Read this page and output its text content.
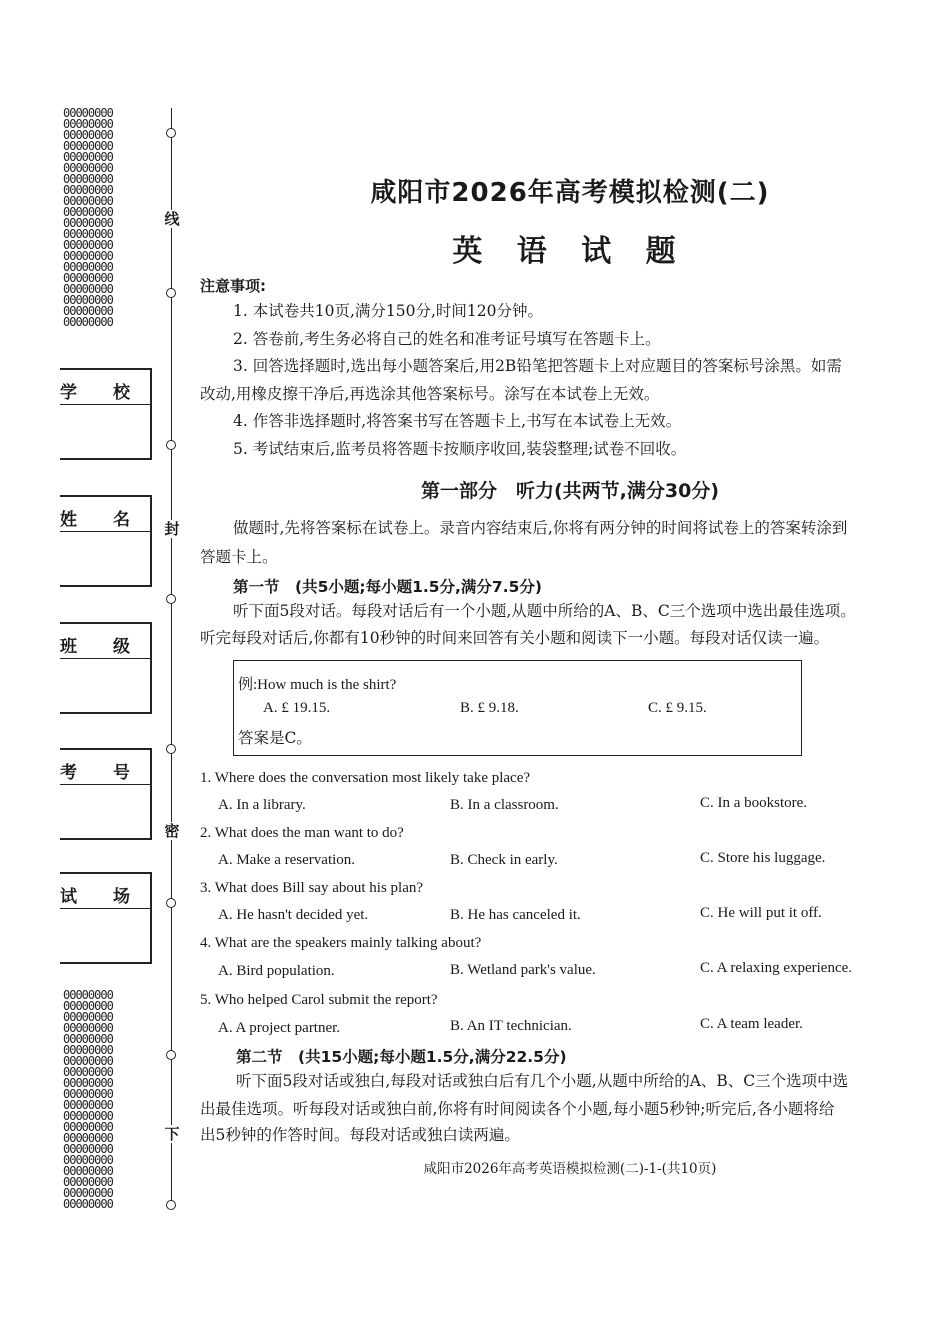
00000000
00000000
00000000
00000000
00000000
00000000
00000000
00000000
00000000
00000000
00000000
00000000
00000000
00000000
00000000
00000000
00000000
00000000
00000000
00000000
00000000
00000000
00000000
00000000
00000000
00000000
00000000
00000000
00000000
00000000
00000000
00000000
00000000
00000000
00000000
00000000
00000000
00000000
00000000
00000000
线
封
密
下
学校
姓名
班级
考号
试场
咸阳市2026年高考模拟检测(二)
英 语 试 题
注意事项:
1. 本试卷共10页,满分150分,时间120分钟。
2. 答卷前,考生务必将自己的姓名和准考证号填写在答题卡上。
3. 回答选择题时,选出每小题答案后,用2B铅笔把答题卡上对应题目的答案标号涂黑。如需
改动,用橡皮擦干净后,再选涂其他答案标号。涂写在本试卷上无效。
4. 作答非选择题时,将答案书写在答题卡上,书写在本试卷上无效。
5. 考试结束后,监考员将答题卡按顺序收回,装袋整理;试卷不回收。
第一部分　听力(共两节,满分30分)
做题时,先将答案标在试卷上。录音内容结束后,你将有两分钟的时间将试卷上的答案转涂到
答题卡上。
第一节　(共5小题;每小题1.5分,满分7.5分)
听下面5段对话。每段对话后有一个小题,从题中所给的A、B、C三个选项中选出最佳选项。
听完每段对话后,你都有10秒钟的时间来回答有关小题和阅读下一小题。每段对话仅读一遍。
例:How much is the shirt?
A. £ 19.15.	B. £ 9.18.	C. £ 9.15.
答案是C。
1. Where does the conversation most likely take place?
A. In a library.	B. In a classroom.	C. In a bookstore.
2. What does the man want to do?
A. Make a reservation.	B. Check in early.	C. Store his luggage.
3. What does Bill say about his plan?
A. He hasn't decided yet.	B. He has canceled it.	C. He will put it off.
4. What are the speakers mainly talking about?
A. Bird population.	B. Wetland park's value.	C. A relaxing experience.
5. Who helped Carol submit the report?
A. A project partner.	B. An IT technician.	C. A team leader.
第二节　(共15小题;每小题1.5分,满分22.5分)
听下面5段对话或独白,每段对话或独白后有几个小题,从题中所给的A、B、C三个选项中选
出最佳选项。听每段对话或独白前,你将有时间阅读各个小题,每小题5秒钟;听完后,各小题将给
出5秒钟的作答时间。每段对话或独白读两遍。
咸阳市2026年高考英语模拟检测(二)-1-(共10页)
